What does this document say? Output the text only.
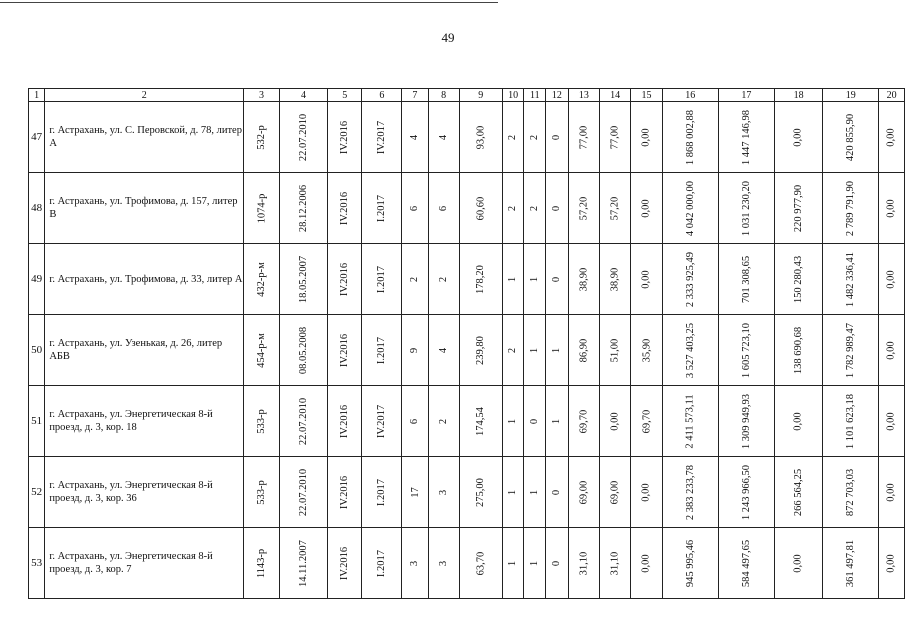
49
1	2	3	4	5	6	7	8	9	10	11	12	13	14	15	16	17	18	19	20
47	г. Астрахань, ул. С. Перовской, д. 78, литер А	532-р	22.07.2010	IV.2016	IV.2017	4	4	93,00	2	2	0	77,00	77,00	0,00	1 868 002,88	1 447 146,98	0,00	420 855,90	0,00
48	г. Астрахань, ул. Трофимова, д. 157, литер В	1074-р	28.12.2006	IV.2016	I.2017	6	6	60,60	2	2	0	57,20	57,20	0,00	4 042 000,00	1 031 230,20	220 977,90	2 789 791,90	0,00
49	г. Астрахань, ул. Трофимова, д. 33, литер А	432-р-м	18.05.2007	IV.2016	I.2017	2	2	178,20	1	1	0	38,90	38,90	0,00	2 333 925,49	701 308,65	150 280,43	1 482 336,41	0,00
50	г. Астрахань, ул. Узенькая, д. 26, литер АБВ	454-р-м	08.05.2008	IV.2016	I.2017	9	4	239,80	2	1	1	86,90	51,00	35,90	3 527 403,25	1 605 723,10	138 690,68	1 782 989,47	0,00
51	г. Астрахань, ул. Энергетическая 8-й проезд, д. 3, кор. 18	533-р	22.07.2010	IV.2016	IV.2017	6	2	174,54	1	0	1	69,70	0,00	69,70	2 411 573,11	1 309 949,93	0,00	1 101 623,18	0,00
52	г. Астрахань, ул. Энергетическая 8-й проезд, д. 3, кор. 36	533-р	22.07.2010	IV.2016	I.2017	17	3	275,00	1	1	0	69,00	69,00	0,00	2 383 233,78	1 243 966,50	266 564,25	872 703,03	0,00
53	г. Астрахань, ул. Энергетическая 8-й проезд, д. 3, кор. 7	1143-р	14.11.2007	IV.2016	I.2017	3	3	63,70	1	1	0	31,10	31,10	0,00	945 995,46	584 497,65	0,00	361 497,81	0,00
